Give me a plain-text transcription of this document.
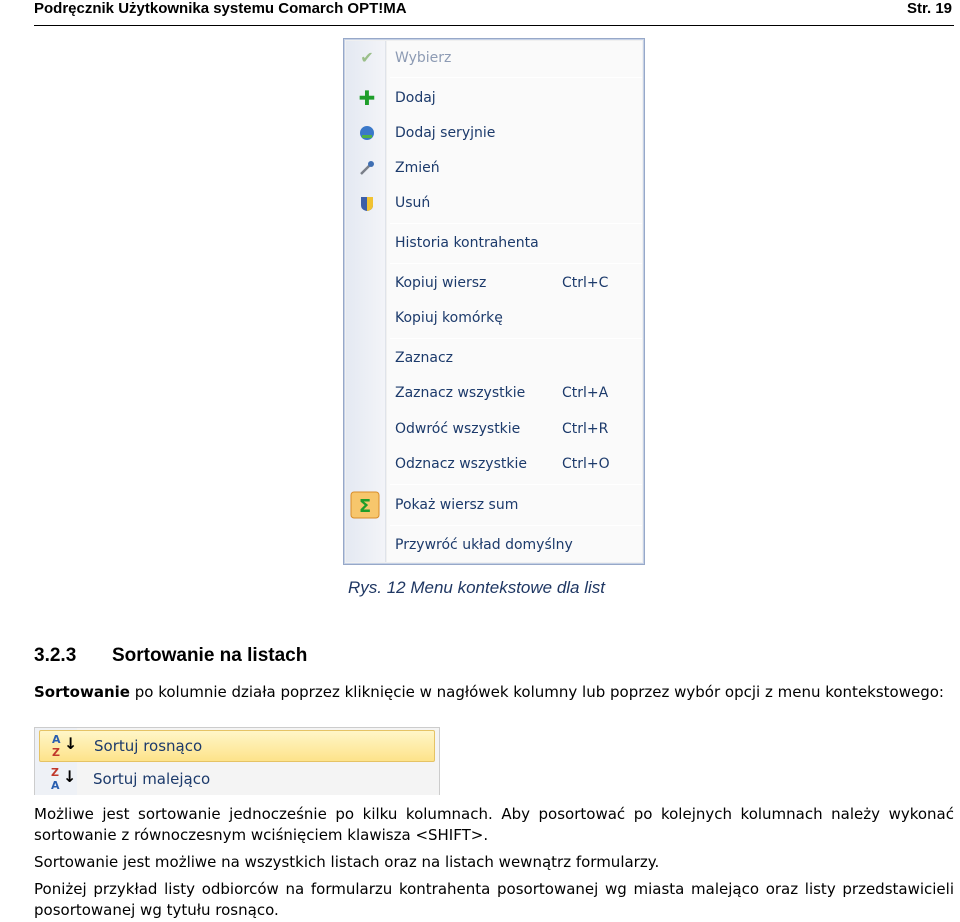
Podręcznik Użytkownika systemu Comarch OPT!MA	Str. 19
✔ Wybierz
✚ Dodaj
Dodaj seryjnie
Zmień
Usuń
Historia kontrahenta
Kopiuj wiersz	Ctrl+C
Kopiuj komórkę
Zaznacz
Zaznacz wszystkie	Ctrl+A
Odwróć wszystkie	Ctrl+R
Odznacz wszystkie	Ctrl+O
Σ Pokaż wiersz sum
Przywróć układ domyślny
Rys. 12 Menu kontekstowe dla list
3.2.3 Sortowanie na listach

Sortowanie po kolumnie działa poprzez kliknięcie w nagłówek kolumny lub poprzez wybór opcji z menu kontekstowego:

A
Z ↓ Sortuj rosnąco
Z
A ↓ Sortuj malejąco

Możliwe jest sortowanie jednocześnie po kilku kolumnach. Aby posortować po kolejnych kolumnach należy wykonać sortowanie z równoczesnym wciśnięciem klawisza <SHIFT>.

Sortowanie jest możliwe na wszystkich listach oraz na listach wewnątrz formularzy.

Poniżej przykład listy odbiorców na formularzu kontrahenta posortowanej wg miasta malejąco oraz listy przedstawicieli posortowanej wg tytułu rosnąco.
